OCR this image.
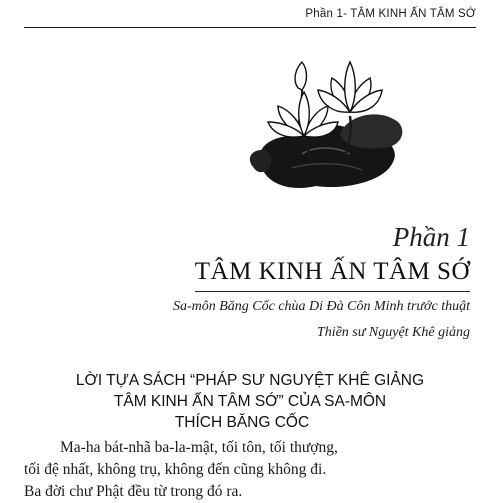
Phần 1- TÂM KINH ẤN TÂM SỚ
Phần 1
TÂM KINH ẤN TÂM SỚ
Sa-môn Băng Cốc chùa Di Đà Côn Minh trước thuật
Thiền sư Nguyệt Khê giảng
LỜI TỰA SÁCH “PHÁP SƯ NGUYỆT KHÊ GIẢNG
TÂM KINH ẤN TÂM SỚ” CỦA SA-MÔN
THÍCH BĂNG CỐC
Ma-ha bát-nhã ba-la-mật, tối tôn, tối thượng,
tối đệ nhất, không trụ, không đến cũng không đi.
Ba đời chư Phật đều từ trong đó ra.
